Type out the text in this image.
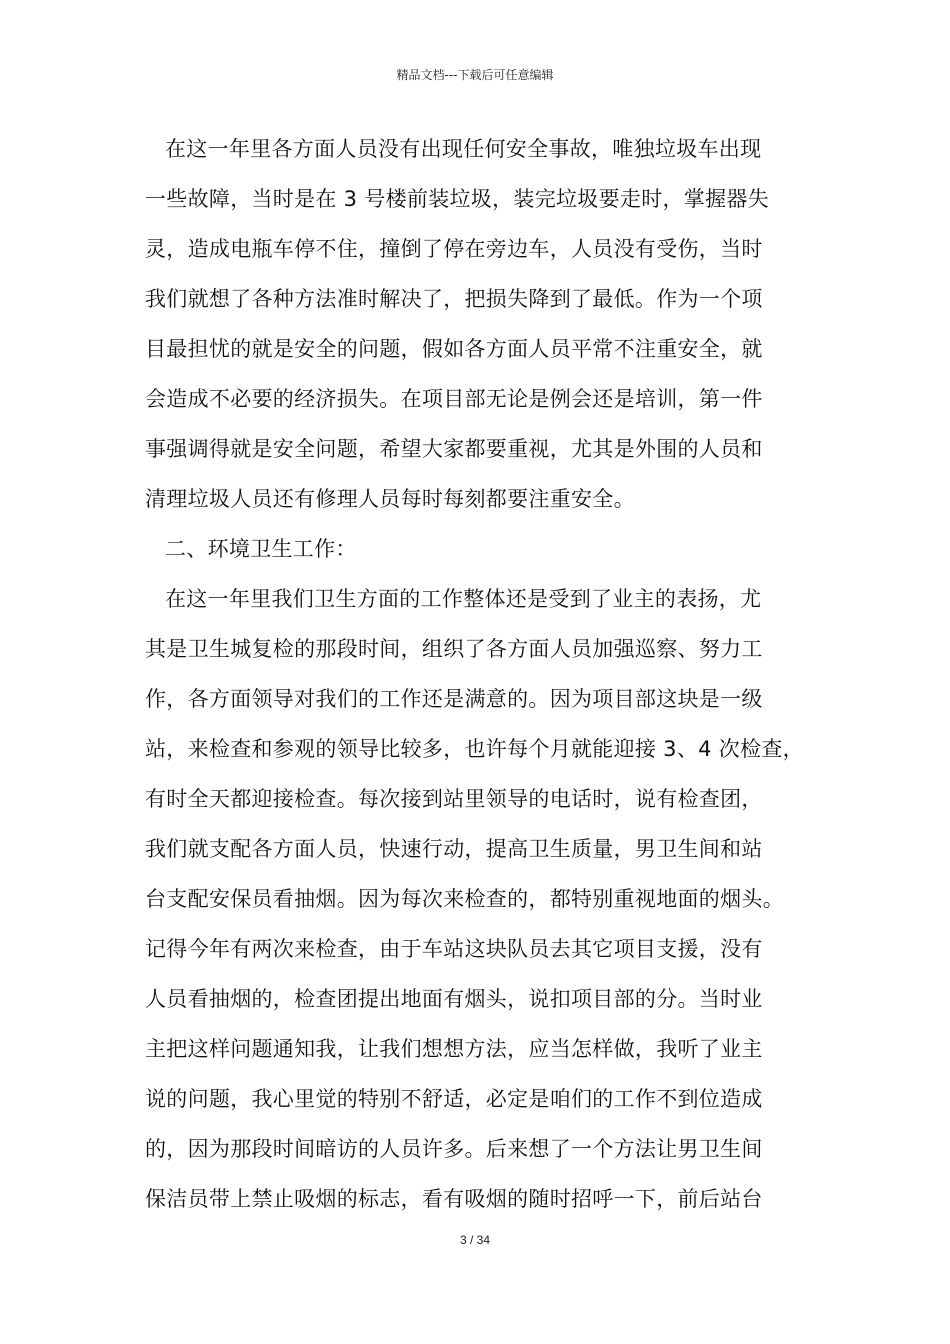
精品文档---下载后可任意编辑
在这一年里各方面人员没有出现任何安全事故，唯独垃圾车出现
一些故障，当时是在 3 号楼前装垃圾，装完垃圾要走时，掌握器失
灵，造成电瓶车停不住，撞倒了停在旁边车，人员没有受伤，当时
我们就想了各种方法准时解决了，把损失降到了最低。作为一个项
目最担忧的就是安全的问题，假如各方面人员平常不注重安全，就
会造成不必要的经济损失。在项目部无论是例会还是培训，第一件
事强调得就是安全问题，希望大家都要重视，尤其是外围的人员和
清理垃圾人员还有修理人员每时每刻都要注重安全。
二、环境卫生工作：
在这一年里我们卫生方面的工作整体还是受到了业主的表扬，尤
其是卫生城复检的那段时间，组织了各方面人员加强巡察、努力工
作，各方面领导对我们的工作还是满意的。因为项目部这块是一级
站，来检查和参观的领导比较多，也许每个月就能迎接 3、4 次检查，
有时全天都迎接检查。每次接到站里领导的电话时，说有检查团，
我们就支配各方面人员，快速行动，提高卫生质量，男卫生间和站
台支配安保员看抽烟。因为每次来检查的，都特别重视地面的烟头。
记得今年有两次来检查，由于车站这块队员去其它项目支援，没有
人员看抽烟的，检查团提出地面有烟头，说扣项目部的分。当时业
主把这样问题通知我，让我们想想方法，应当怎样做，我听了业主
说的问题，我心里觉的特别不舒适，必定是咱们的工作不到位造成
的，因为那段时间暗访的人员许多。后来想了一个方法让男卫生间
保洁员带上禁止吸烟的标志，看有吸烟的随时招呼一下，前后站台
3 / 34
